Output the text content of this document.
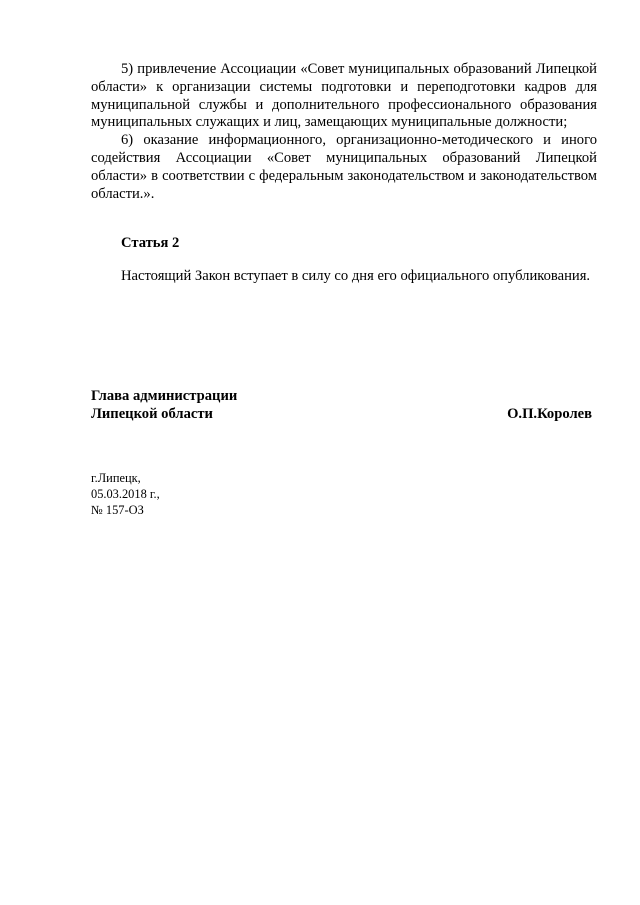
5) привлечение Ассоциации «Совет муниципальных образований Липецкой области» к организации системы подготовки и переподготовки кадров для муниципальной службы и дополнительного профессионального образования муниципальных служащих и лиц, замещающих муниципальные должности;

6) оказание информационного, организационно-методического и иного содействия Ассоциации «Совет муниципальных образований Липецкой области» в соответствии с федеральным законодательством и законодательством области.».

Статья 2

Настоящий Закон вступает в силу со дня его официального опубликования.

Глава администрации
Липецкой области	О.П.Королев
г.Липецк,
05.03.2018 г.,
№ 157-ОЗ
